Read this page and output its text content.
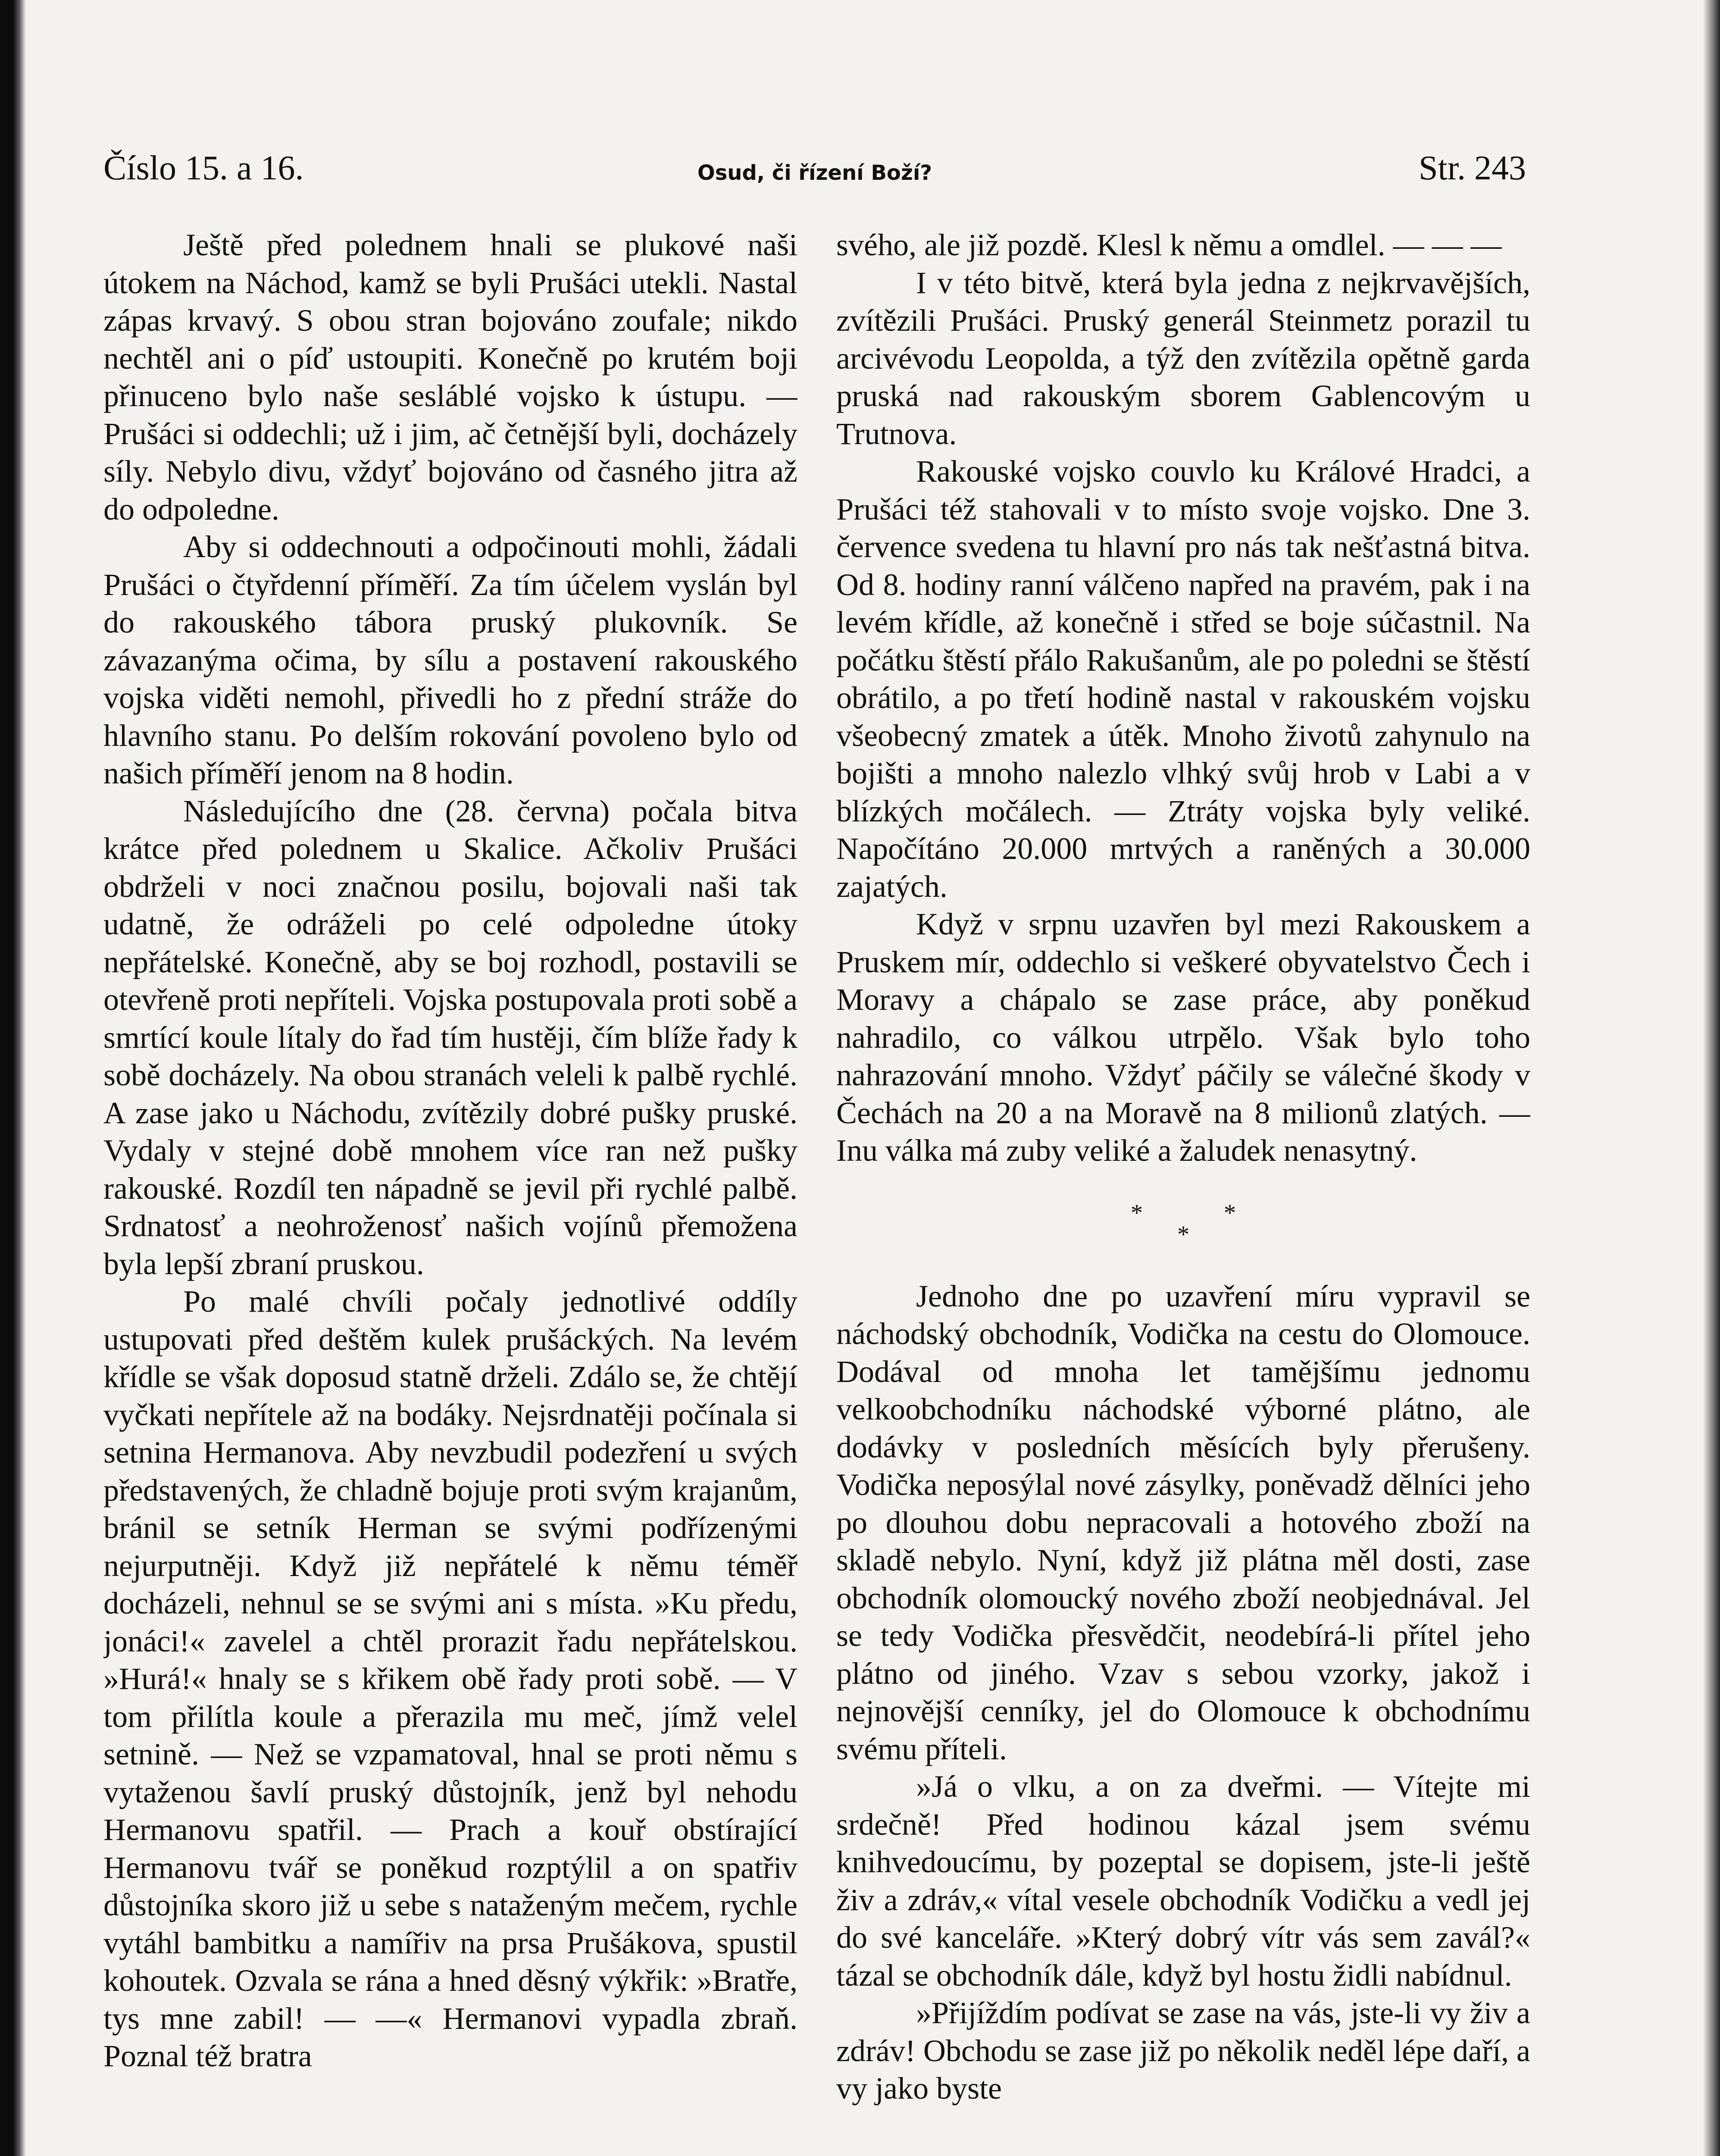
Číslo 15. a 16.	Osud, či řízení Boží?	Str. 243

Ještě před polednem hnali se plukové naši útokem na Náchod, kamž se byli Prušáci utekli. Nastal zápas krvavý. S obou stran bojováno zoufale; nikdo nechtěl ani o píď ustoupiti. Konečně po krutém boji přinuceno bylo naše sesláblé vojsko k ústupu. — Prušáci si oddechli; už i jim, ač četnější byli, docházely síly. Nebylo divu, vždyť bojováno od časného jitra až do odpoledne.

Aby si oddechnouti a odpočinouti mohli, žádali Prušáci o čtyřdenní příměří. Za tím účelem vyslán byl do rakouského tábora pruský plukovník. Se závazanýma očima, by sílu a postavení rakouského vojska viděti nemohl, přivedli ho z přední stráže do hlavního stanu. Po delším rokování povoleno bylo od našich příměří jenom na 8 hodin.

Následujícího dne (28. června) počala bitva krátce před polednem u Skalice. Ačkoliv Prušáci obdrželi v noci značnou posilu, bojovali naši tak udatně, že odráželi po celé odpoledne útoky nepřátelské. Konečně, aby se boj rozhodl, postavili se otevřeně proti nepříteli. Vojska postupovala proti sobě a smrtící koule lítaly do řad tím hustěji, čím blíže řady k sobě docházely. Na obou stranách veleli k palbě rychlé. A zase jako u Náchodu, zvítězily dobré pušky pruské. Vydaly v stejné době mnohem více ran než pušky rakouské. Rozdíl ten nápadně se jevil při rychlé palbě. Srdnatosť a neohroženosť našich vojínů přemožena byla lepší zbraní pruskou.

Po malé chvíli počaly jednotlivé oddíly ustupovati před deštěm kulek prušáckých. Na levém křídle se však doposud statně drželi. Zdálo se, že chtějí vyčkati nepřítele až na bodáky. Nejsrdnatěji počínala si setnina Hermanova. Aby nevzbudil podezření u svých představených, že chladně bojuje proti svým krajanům, bránil se setník Herman se svými podřízenými nejurputněji. Když již nepřátelé k němu téměř docházeli, nehnul se se svými ani s místa. »Ku předu, jonáci!« zavelel a chtěl prorazit řadu nepřátelskou. »Hurá!« hnaly se s křikem obě řady proti sobě. — V tom přilítla koule a přerazila mu meč, jímž velel setnině. — Než se vzpamatoval, hnal se proti němu s vytaženou šavlí pruský důstojník, jenž byl nehodu Hermanovu spatřil. — Prach a kouř obstírající Hermanovu tvář se poněkud rozptýlil a on spatřiv důstojníka skoro již u sebe s nataženým mečem, rychle vytáhl bambitku a namířiv na prsa Prušákova, spustil kohoutek. Ozvala se rána a hned děsný výkřik: »Bratře, tys mne zabil! — —« Hermanovi vypadla zbraň. Poznal též bratra

svého, ale již pozdě. Klesl k němu a omdlel. — — —

I v této bitvě, která byla jedna z nejkrvavějších, zvítězili Prušáci. Pruský generál Steinmetz porazil tu arcivévodu Leopolda, a týž den zvítězila opětně garda pruská nad rakouským sborem Gablencovým u Trutnova.

Rakouské vojsko couvlo ku Králové Hradci, a Prušáci též stahovali v to místo svoje vojsko. Dne 3. července svedena tu hlavní pro nás tak nešťastná bitva. Od 8. hodiny ranní válčeno napřed na pravém, pak i na levém křídle, až konečně i střed se boje súčastnil. Na počátku štěstí přálo Rakušanům, ale po poledni se štěstí obrátilo, a po třetí hodině nastal v rakouském vojsku všeobecný zmatek a útěk. Mnoho životů zahynulo na bojišti a mnoho nalezlo vlhký svůj hrob v Labi a v blízkých močálech. — Ztráty vojska byly veliké. Napočítáno 20.000 mrtvých a raněných a 30.000 zajatých.

Když v srpnu uzavřen byl mezi Rakouskem a Pruskem mír, oddechlo si veškeré obyvatelstvo Čech i Moravy a chápalo se zase práce, aby poněkud nahradilo, co válkou utrpělo. Však bylo toho nahrazování mnoho. Vždyť páčily se válečné škody v Čechách na 20 a na Moravě na 8 milionů zlatých. — Inu válka má zuby veliké a žaludek nenasytný.

***

Jednoho dne po uzavření míru vypravil se náchodský obchodník, Vodička na cestu do Olomouce. Dodával od mnoha let tamějšímu jednomu velkoobchodníku náchodské výborné plátno, ale dodávky v posledních měsících byly přerušeny. Vodička neposýlal nové zásylky, poněvadž dělníci jeho po dlouhou dobu nepracovali a hotového zboží na skladě nebylo. Nyní, když již plátna měl dosti, zase obchodník olomoucký nového zboží neobjednával. Jel se tedy Vodička přesvědčit, neodebírá-li přítel jeho plátno od jiného. Vzav s sebou vzorky, jakož i nejnovější cenníky, jel do Olomouce k obchodnímu svému příteli.

»Já o vlku, a on za dveřmi. — Vítejte mi srdečně! Před hodinou kázal jsem svému knihvedoucímu, by pozeptal se dopisem, jste-li ještě živ a zdráv,« vítal vesele obchodník Vodičku a vedl jej do své kanceláře. »Který dobrý vítr vás sem zavál?« tázal se obchodník dále, když byl hostu židli nabídnul.

»Přijíždím podívat se zase na vás, jste-li vy živ a zdráv! Obchodu se zase již po několik neděl lépe daří, a vy jako byste
